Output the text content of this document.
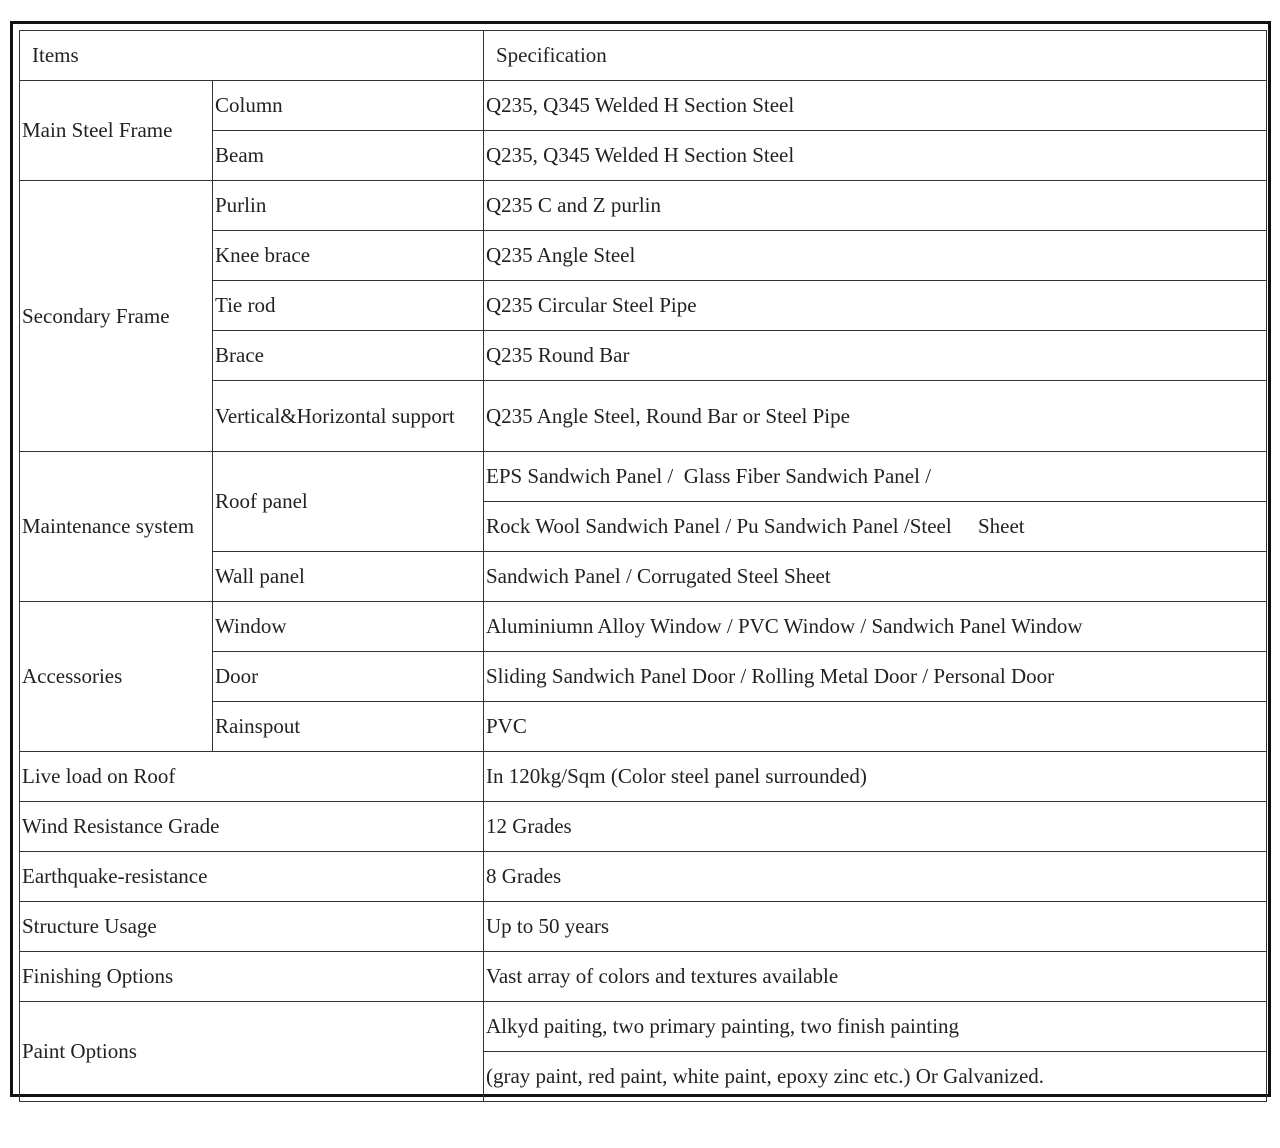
Items		Specification
Main Steel Frame	Column	Q235, Q345 Welded H Section Steel
	Beam	Q235, Q345 Welded H Section Steel
Secondary Frame	Purlin	Q235 C and Z purlin
	Knee brace	Q235 Angle Steel
	Tie rod	Q235 Circular Steel Pipe
	Brace	Q235 Round Bar
	Vertical&Horizontal support	Q235 Angle Steel, Round Bar or Steel Pipe
Maintenance system	Roof panel	EPS Sandwich Panel /  Glass Fiber Sandwich Panel /
		Rock Wool Sandwich Panel / Pu Sandwich Panel /Steel     Sheet
	Wall panel	Sandwich Panel / Corrugated Steel Sheet
Accessories	Window	Aluminiumn Alloy Window / PVC Window / Sandwich Panel Window
	Door	Sliding Sandwich Panel Door / Rolling Metal Door / Personal Door
	Rainspout	PVC
Live load on Roof		In 120kg/Sqm (Color steel panel surrounded)
Wind Resistance Grade		12 Grades
Earthquake-resistance		8 Grades
Structure Usage		Up to 50 years
Finishing Options		Vast array of colors and textures available
Paint Options		Alkyd paiting, two primary painting, two finish painting
		(gray paint, red paint, white paint, epoxy zinc etc.) Or Galvanized.
